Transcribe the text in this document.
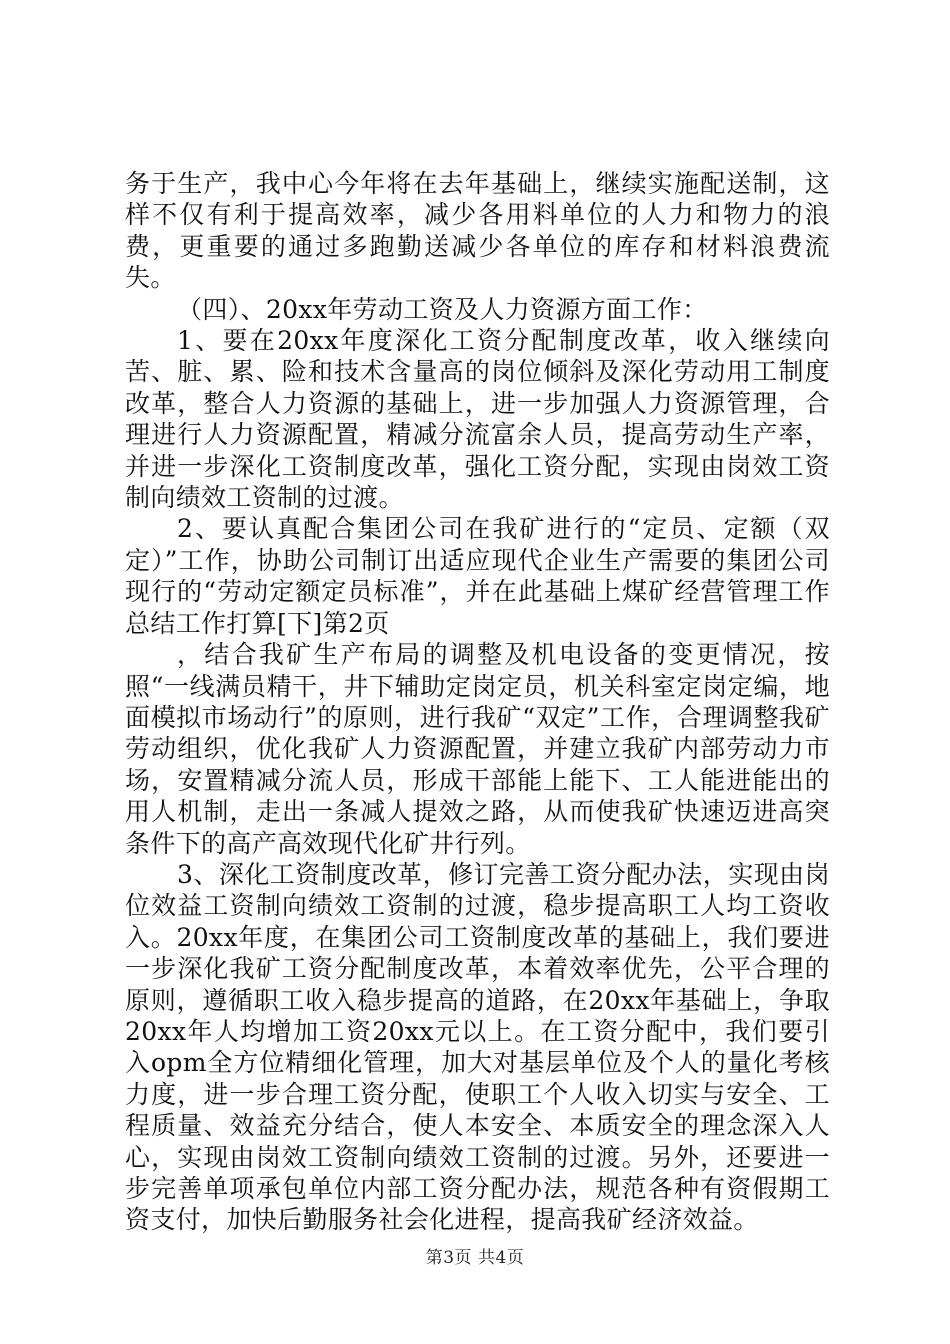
务于生产，我中心今年将在去年基础上，继续实施配送制，这样不仅有利于提高效率，减少各用料单位的人力和物力的浪费，更重要的通过多跑勤送减少各单位的库存和材料浪费流失。

（四）、20xx年劳动工资及人力资源方面工作：

1、要在20xx年度深化工资分配制度改革，收入继续向苦、脏、累、险和技术含量高的岗位倾斜及深化劳动用工制度改革，整合人力资源的基础上，进一步加强人力资源管理，合理进行人力资源配置，精减分流富余人员，提高劳动生产率，并进一步深化工资制度改革，强化工资分配，实现由岗效工资制向绩效工资制的过渡。

2、要认真配合集团公司在我矿进行的“定员、定额（双定）”工作，协助公司制订出适应现代企业生产需要的集团公司现行的“劳动定额定员标准”，并在此基础上煤矿经营管理工作总结工作打算[下]第2页

，结合我矿生产布局的调整及机电设备的变更情况，按照“一线满员精干，井下辅助定岗定员，机关科室定岗定编，地面模拟市场动行”的原则，进行我矿“双定”工作，合理调整我矿劳动组织，优化我矿人力资源配置，并建立我矿内部劳动力市场，安置精减分流人员，形成干部能上能下、工人能进能出的用人机制，走出一条减人提效之路，从而使我矿快速迈进高突条件下的高产高效现代化矿井行列。

3、深化工资制度改革，修订完善工资分配办法，实现由岗位效益工资制向绩效工资制的过渡，稳步提高职工人均工资收入。20xx年度，在集团公司工资制度改革的基础上，我们要进一步深化我矿工资分配制度改革，本着效率优先，公平合理的原则，遵循职工收入稳步提高的道路，在20xx年基础上，争取20xx年人均增加工资20xx元以上。在工资分配中，我们要引入opm全方位精细化管理，加大对基层单位及个人的量化考核力度，进一步合理工资分配，使职工个人收入切实与安全、工程质量、效益充分结合，使人本安全、本质安全的理念深入人心，实现由岗效工资制向绩效工资制的过渡。另外，还要进一步完善单项承包单位内部工资分配办法，规范各种有资假期工资支付，加快后勤服务社会化进程，提高我矿经济效益。

第3页 共4页
